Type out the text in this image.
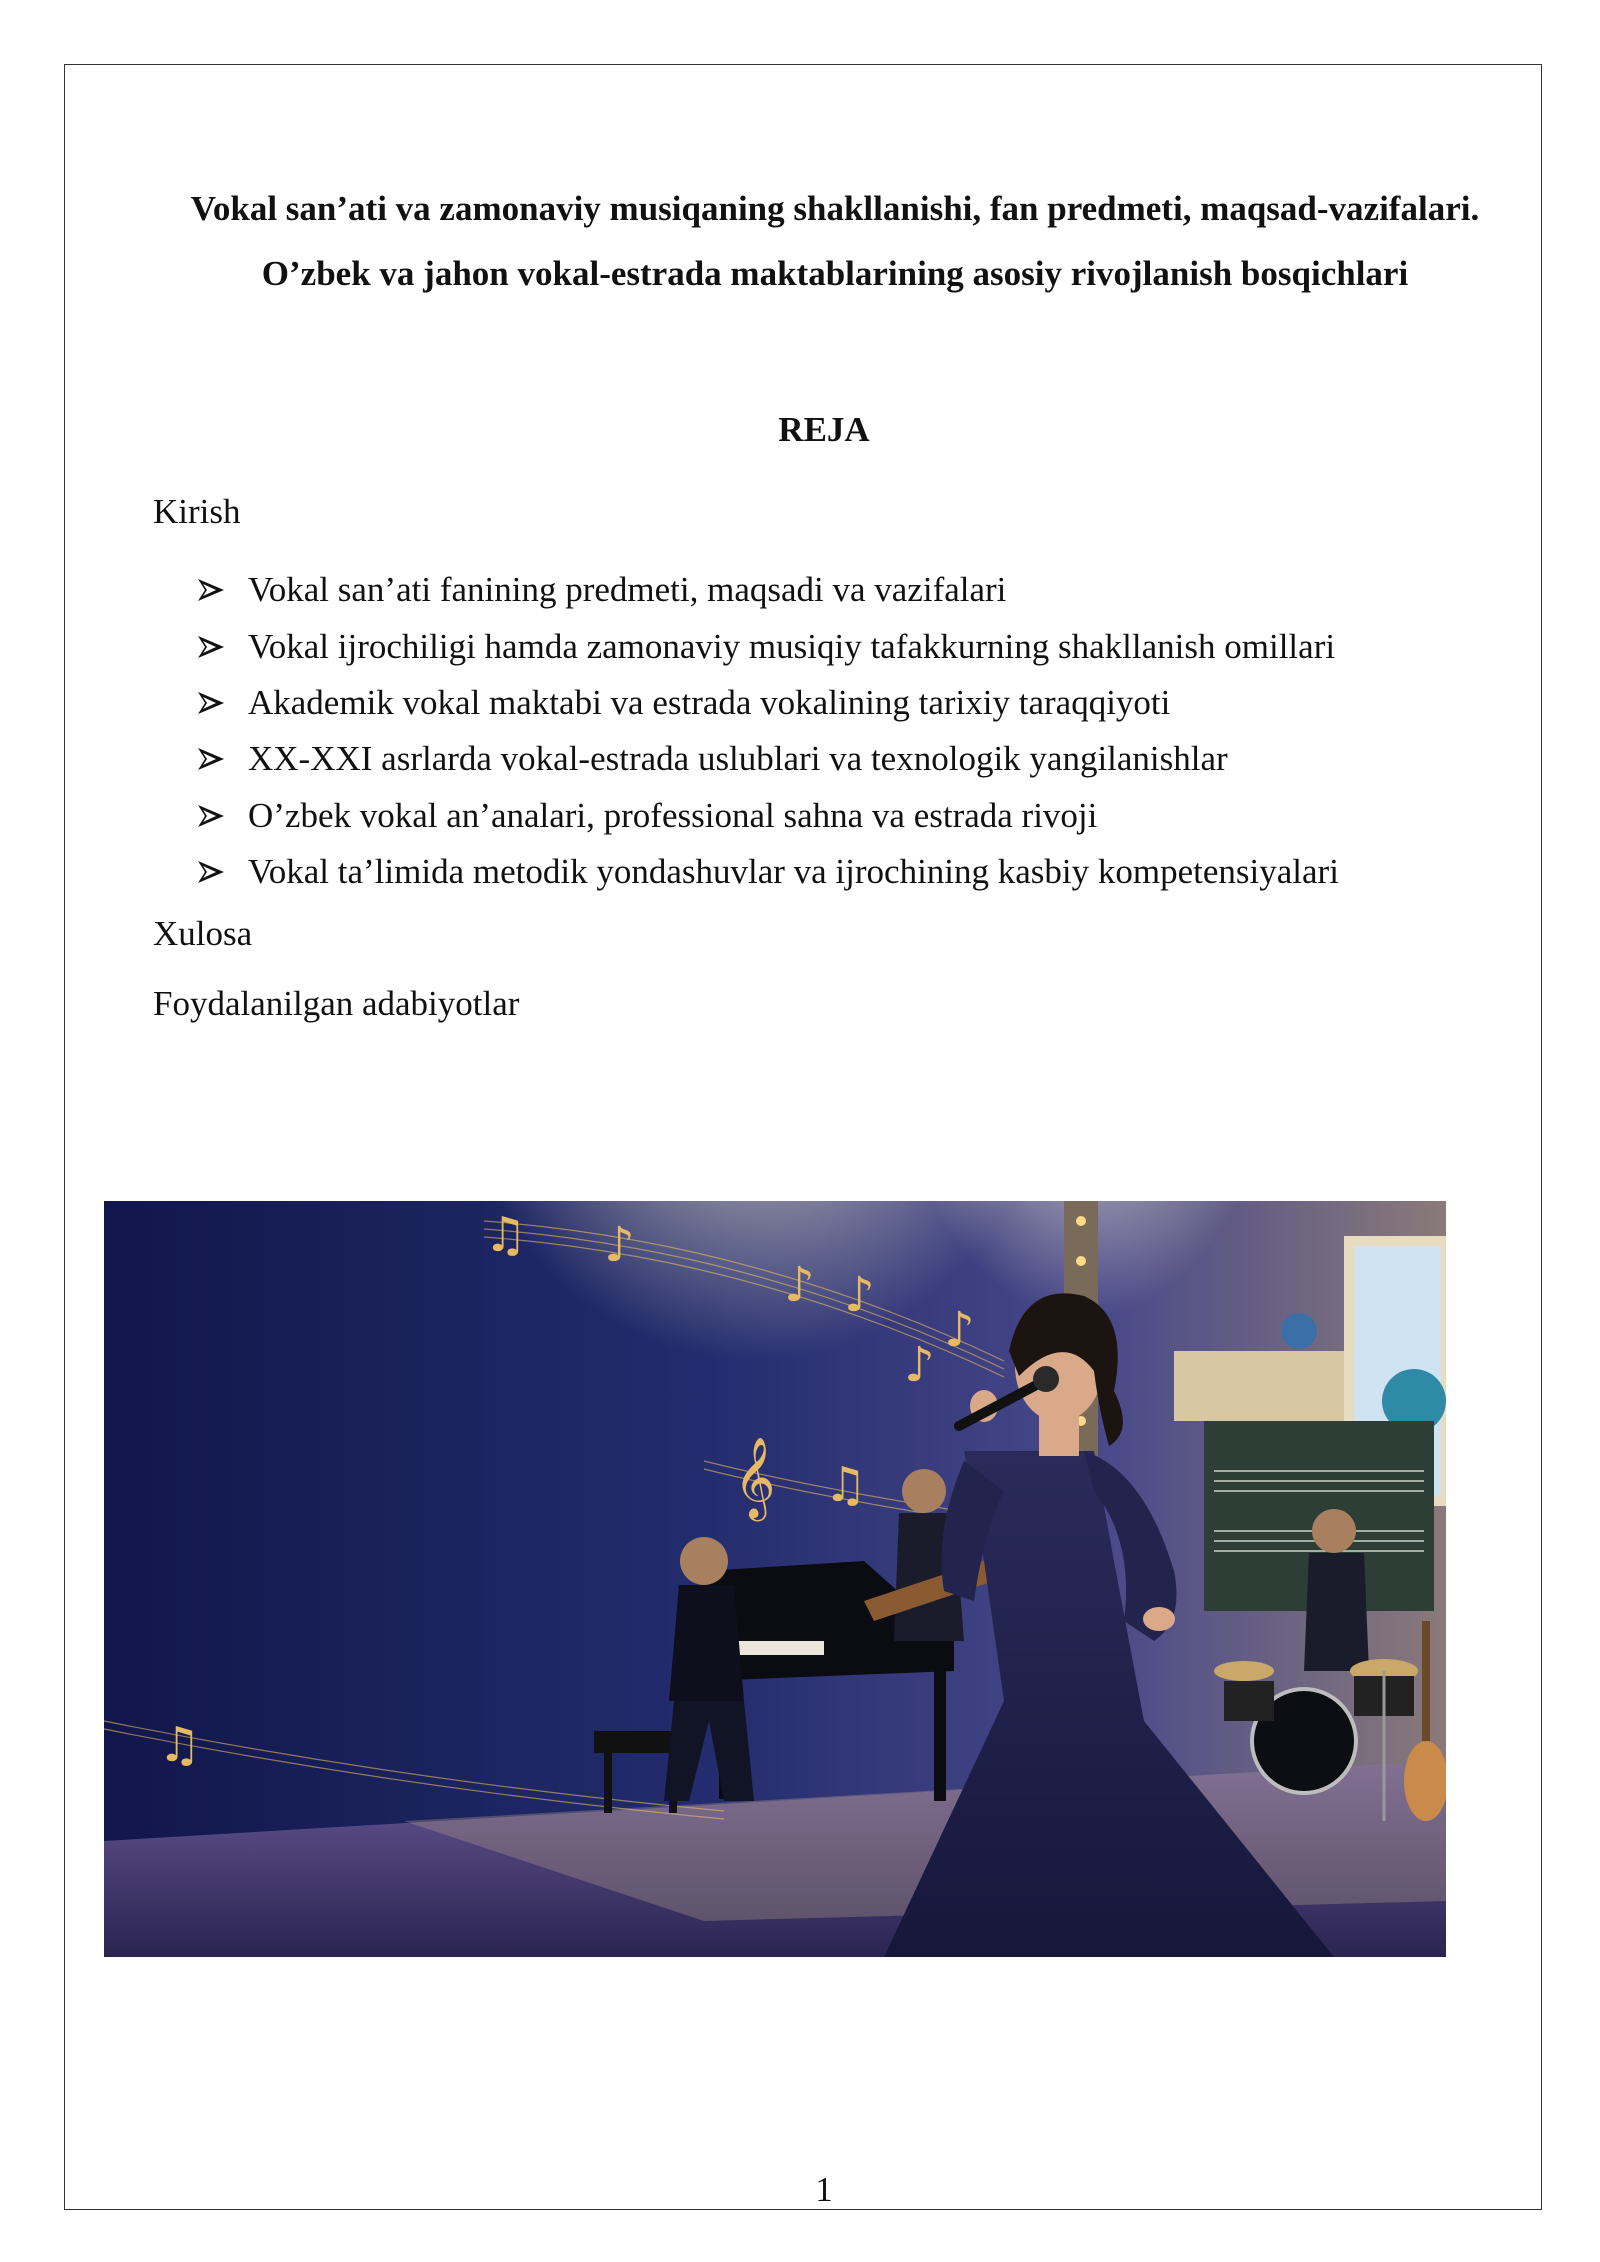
Vokal san’ati va zamonaviy musiqaning shakllanishi, fan predmeti, maqsad-vazifalari. O’zbek va jahon vokal-estrada maktablarining asosiy rivojlanish bosqichlari
REJA

Kirish

Vokal san’ati fanining predmeti, maqsadi va vazifalari
Vokal ijrochiligi hamda zamonaviy musiqiy tafakkurning shakllanish omillari
Akademik vokal maktabi va estrada vokalining tarixiy taraqqiyoti
XX-XXI asrlarda vokal-estrada uslublari va texnologik yangilanishlar
O’zbek vokal an’analari, professional sahna va estrada rivoji
Vokal ta’limida metodik yondashuvlar va ijrochining kasbiy kompetensiyalari

Xulosa

Foydalanilgan adabiyotlar

♫ ♪
♪ ♪
♪
♪
♫
♫
𝄞

1
